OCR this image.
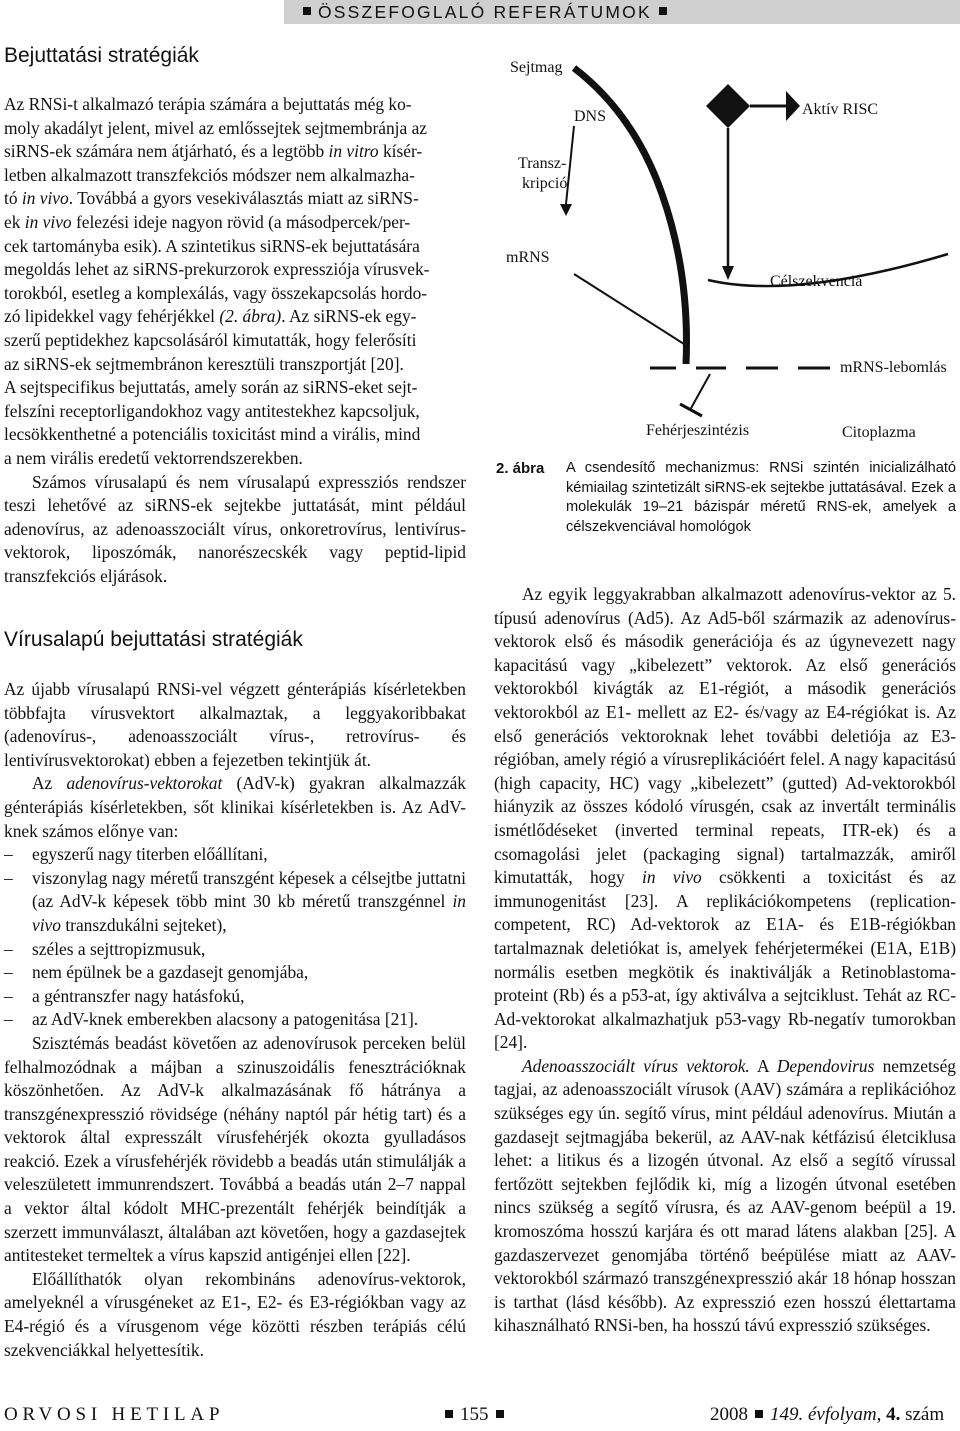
ÖSSZEFOGLALÓ REFERÁTUMOK
Bejuttatási stratégiák

Az RNSi-t alkalmazó terápia számára a bejuttatás még ko-
moly akadályt jelent, mivel az emlőssejtek sejtmembránja az
siRNS-ek számára nem átjárható, és a legtöbb in vitro kísér-
letben alkalmazott transzfekciós módszer nem alkalmazha-
tó in vivo. Továbbá a gyors vesekiválasztás miatt az siRNS-
ek in vivo felezési ideje nagyon rövid (a másodpercek/per-
cek tartományba esik). A szintetikus siRNS-ek bejuttatására
megoldás lehet az siRNS-prekurzorok expressziója vírusvek-
torokból, esetleg a komplexálás, vagy összekapcsolás hordo-
zó lipidekkel vagy fehérjékkel (2. ábra). Az siRNS-ek egy-
szerű peptidekhez kapcsolásáról kimutatták, hogy felerősíti
az siRNS-ek sejtmembránon keresztüli transzportját [20].
A sejtspecifikus bejuttatás, amely során az siRNS-eket sejt-
felszíni receptorligandokhoz vagy antitestekhez kapcsoljuk,
lecsökkenthetné a potenciális toxicitást mind a virális, mind
a nem virális eredetű vektorrendszerekben.

Számos vírusalapú és nem vírusalapú expressziós rendszer teszi lehetővé az siRNS-ek sejtekbe juttatását, mint például adenovírus, az adenoasszociált vírus, onkoretrovírus, lentivírus-vektorok, liposzómák, nanorészecskék vagy peptid-lipid transzfekciós eljárások.

Vírusalapú bejuttatási stratégiák

Az újabb vírusalapú RNSi-vel végzett génterápiás kísérletekben többfajta vírusvektort alkalmaztak, a leggyakoribbakat (adenovírus-, adenoasszociált vírus-, retrovírus- és lentivírusvektorokat) ebben a fejezetben tekintjük át.

Az adenovírus-vektorokat (AdV-k) gyakran alkalmazzák génterápiás kísérletekben, sőt klinikai kísérletekben is. Az AdV-knek számos előnye van:

– egyszerű nagy titerben előállítani,
– viszonylag nagy méretű transzgént képesek a célsejtbe juttatni (az AdV-k képesek több mint 30 kb méretű transzgénnel in vivo transzdukálni sejteket),
– széles a sejttropizmusuk,
– nem épülnek be a gazdasejt genomjába,
– a géntranszfer nagy hatásfokú,
– az AdV-knek emberekben alacsony a patogenitása [21].

Szisztémás beadást követően az adenovírusok perceken belül felhalmozódnak a májban a szinuszoidális fenesztrációknak köszönhetően. Az AdV-k alkalmazásának fő hátránya a transzgénexpresszió rövidsége (néhány naptól pár hétig tart) és a vektorok által expresszált vírusfehérjék okozta gyulladásos reakció. Ezek a vírusfehérjék rövidebb a beadás után stimulálják a veleszületett immunrendszert. Továbbá a beadás után 2–7 nappal a vektor által kódolt MHC-prezentált fehérjék beindítják a szerzett immunválaszt, általában azt követően, hogy a gazdasejtek antitesteket termeltek a vírus kapszid antigénjei ellen [22].

Előállíthatók olyan rekombináns adenovírus-vektorok, amelyeknél a vírusgéneket az E1-, E2- és E3-régiókban vagy az E4-régió és a vírusgenom vége közötti részben terápiás célú szekvenciákkal helyettesítik.

Sejtmag
DNS
Transz-
kripció
mRNS
Aktív RISC
Célszekvencia
mRNS-lebomlás
Fehérjeszintézis	Citoplazma
2. ábra A csendesítő mechanizmus: RNSi szintén inicializálható kémiailag szintetizált siRNS-ek sejtekbe juttatásával. Ezek a molekulák 19–21 bázispár méretű RNS-ek, amelyek a célszekvenciával homológok

Az egyik leggyakrabban alkalmazott adenovírus-vektor az 5. típusú adenovírus (Ad5). Az Ad5-ből származik az adenovírus-vektorok első és második generációja és az úgynevezett nagy kapacitású vagy „kibelezett” vektorok. Az első generációs vektorokból kivágták az E1-régiót, a második generációs vektorokból az E1- mellett az E2- és/vagy az E4-régiókat is. Az első generációs vektoroknak lehet további deletiója az E3-régióban, amely régió a vírusreplikációért felel. A nagy kapacitású (high capacity, HC) vagy „kibelezett” (gutted) Ad-vektorokból hiányzik az összes kódoló vírusgén, csak az invertált terminális ismétlődéseket (inverted terminal repeats, ITR-ek) és a csomagolási jelet (packaging signal) tartalmazzák, amiről kimutatták, hogy in vivo csökkenti a toxicitást és az immunogenitást [23]. A replikációkompetens (replication-competent, RC) Ad-vektorok az E1A- és E1B-régiókban tartalmaznak deletiókat is, amelyek fehérjetermékei (E1A, E1B) normális esetben megkötik és inaktiválják a Retinoblastoma-proteint (Rb) és a p53-at, így aktiválva a sejtciklust. Tehát az RC-Ad-vektorokat alkalmazhatjuk p53-vagy Rb-negatív tumorokban [24].

Adenoasszociált vírus vektorok. A Dependovirus nemzetség tagjai, az adenoasszociált vírusok (AAV) számára a replikációhoz szükséges egy ún. segítő vírus, mint például adenovírus. Miután a gazdasejt sejtmagjába bekerül, az AAV-nak kétfázisú életciklusa lehet: a litikus és a lizogén útvonal. Az első a segítő vírussal fertőzött sejtekben fejlődik ki, míg a lizogén útvonal esetében nincs szükség a segítő vírusra, és az AAV-genom beépül a 19. kromoszóma hosszú karjára és ott marad látens alakban [25]. A gazdaszervezet genomjába történő beépülése miatt az AAV-vektorokból származó transzgénexpresszió akár 18 hónap hosszan is tarthat (lásd később). Az expresszió ezen hosszú élettartama kihasználható RNSi-ben, ha hosszú távú expresszió szükséges.

ORVOSI HETILAP	155	2008 149. évfolyam, 4. szám
